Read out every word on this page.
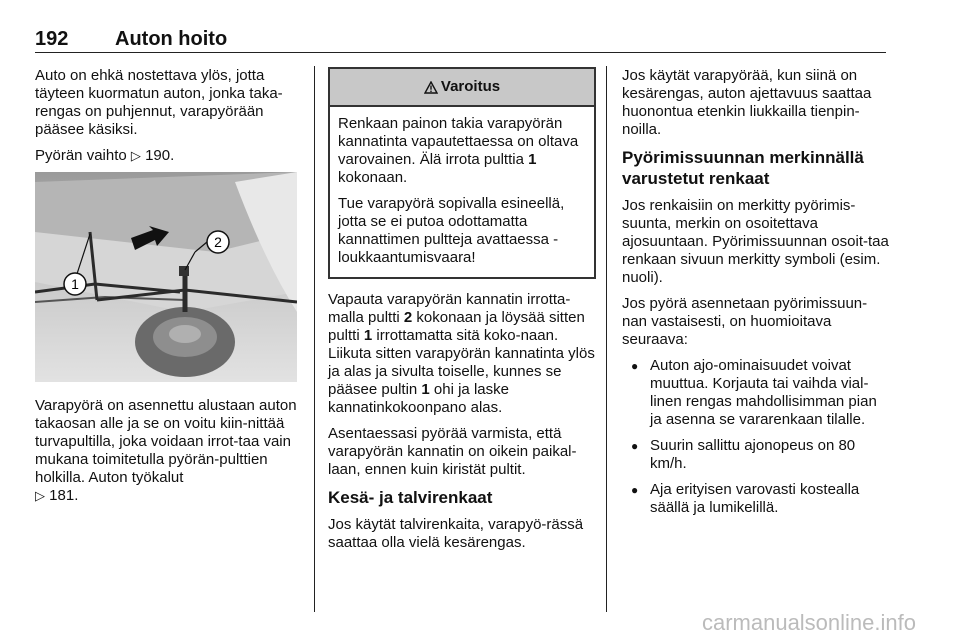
192 Auton hoito

Auto on ehkä nostettava ylös, jotta täyteen kuormatun auton, jonka taka-rengas on puhjennut, varapyörään pääsee käsiksi.

Pyörän vaihto ▷ 190.

1
2

Varapyörä on asennettu alustaan auton takaosan alle ja se on voitu kiin-nittää turvapultilla, joka voidaan irrot-taa vain mukana toimitetulla pyörän-pulttien holkilla. Auton työkalut
▷ 181.

Varoitus

Renkaan painon takia varapyörän kannatinta vapautettaessa on oltava varovainen. Älä irrota pulttia 1 kokonaan.

Tue varapyörä sopivalla esineellä, jotta se ei putoa odottamatta kannattimen pultteja avattaessa - loukkaantumisvaara!

Vapauta varapyörän kannatin irrotta-malla pultti 2 kokonaan ja löysää sitten pultti 1 irrottamatta sitä koko-naan. Liikuta sitten varapyörän kannatinta ylös ja alas ja sivulta toiselle, kunnes se pääsee pultin 1 ohi ja laske kannatinkokoonpano alas.

Asentaessasi pyörää varmista, että varapyörän kannatin on oikein paikal-laan, ennen kuin kiristät pultit.

Kesä- ja talvirenkaat

Jos käytät talvirenkaita, varapyö-rässä saattaa olla vielä kesärengas.

Jos käytät varapyörää, kun siinä on kesärengas, auton ajettavuus saattaa huonontua etenkin liukkailla tienpin-noilla.

Pyörimissuunnan merkinnällä varustetut renkaat

Jos renkaisiin on merkitty pyörimis-suunta, merkin on osoitettava ajosuuntaan. Pyörimissuunnan osoit-taa renkaan sivuun merkitty symboli (esim. nuoli).

Jos pyörä asennetaan pyörimissuun-nan vastaisesti, on huomioitava seuraava:

● Auton ajo-ominaisuudet voivat muuttua. Korjauta tai vaihda vial-linen rengas mahdollisimman pian ja asenna se vararenkaan tilalle.
● Suurin sallittu ajonopeus on 80 km/h.
● Aja erityisen varovasti kostealla säällä ja lumikelillä.
carmanualsonline.info
